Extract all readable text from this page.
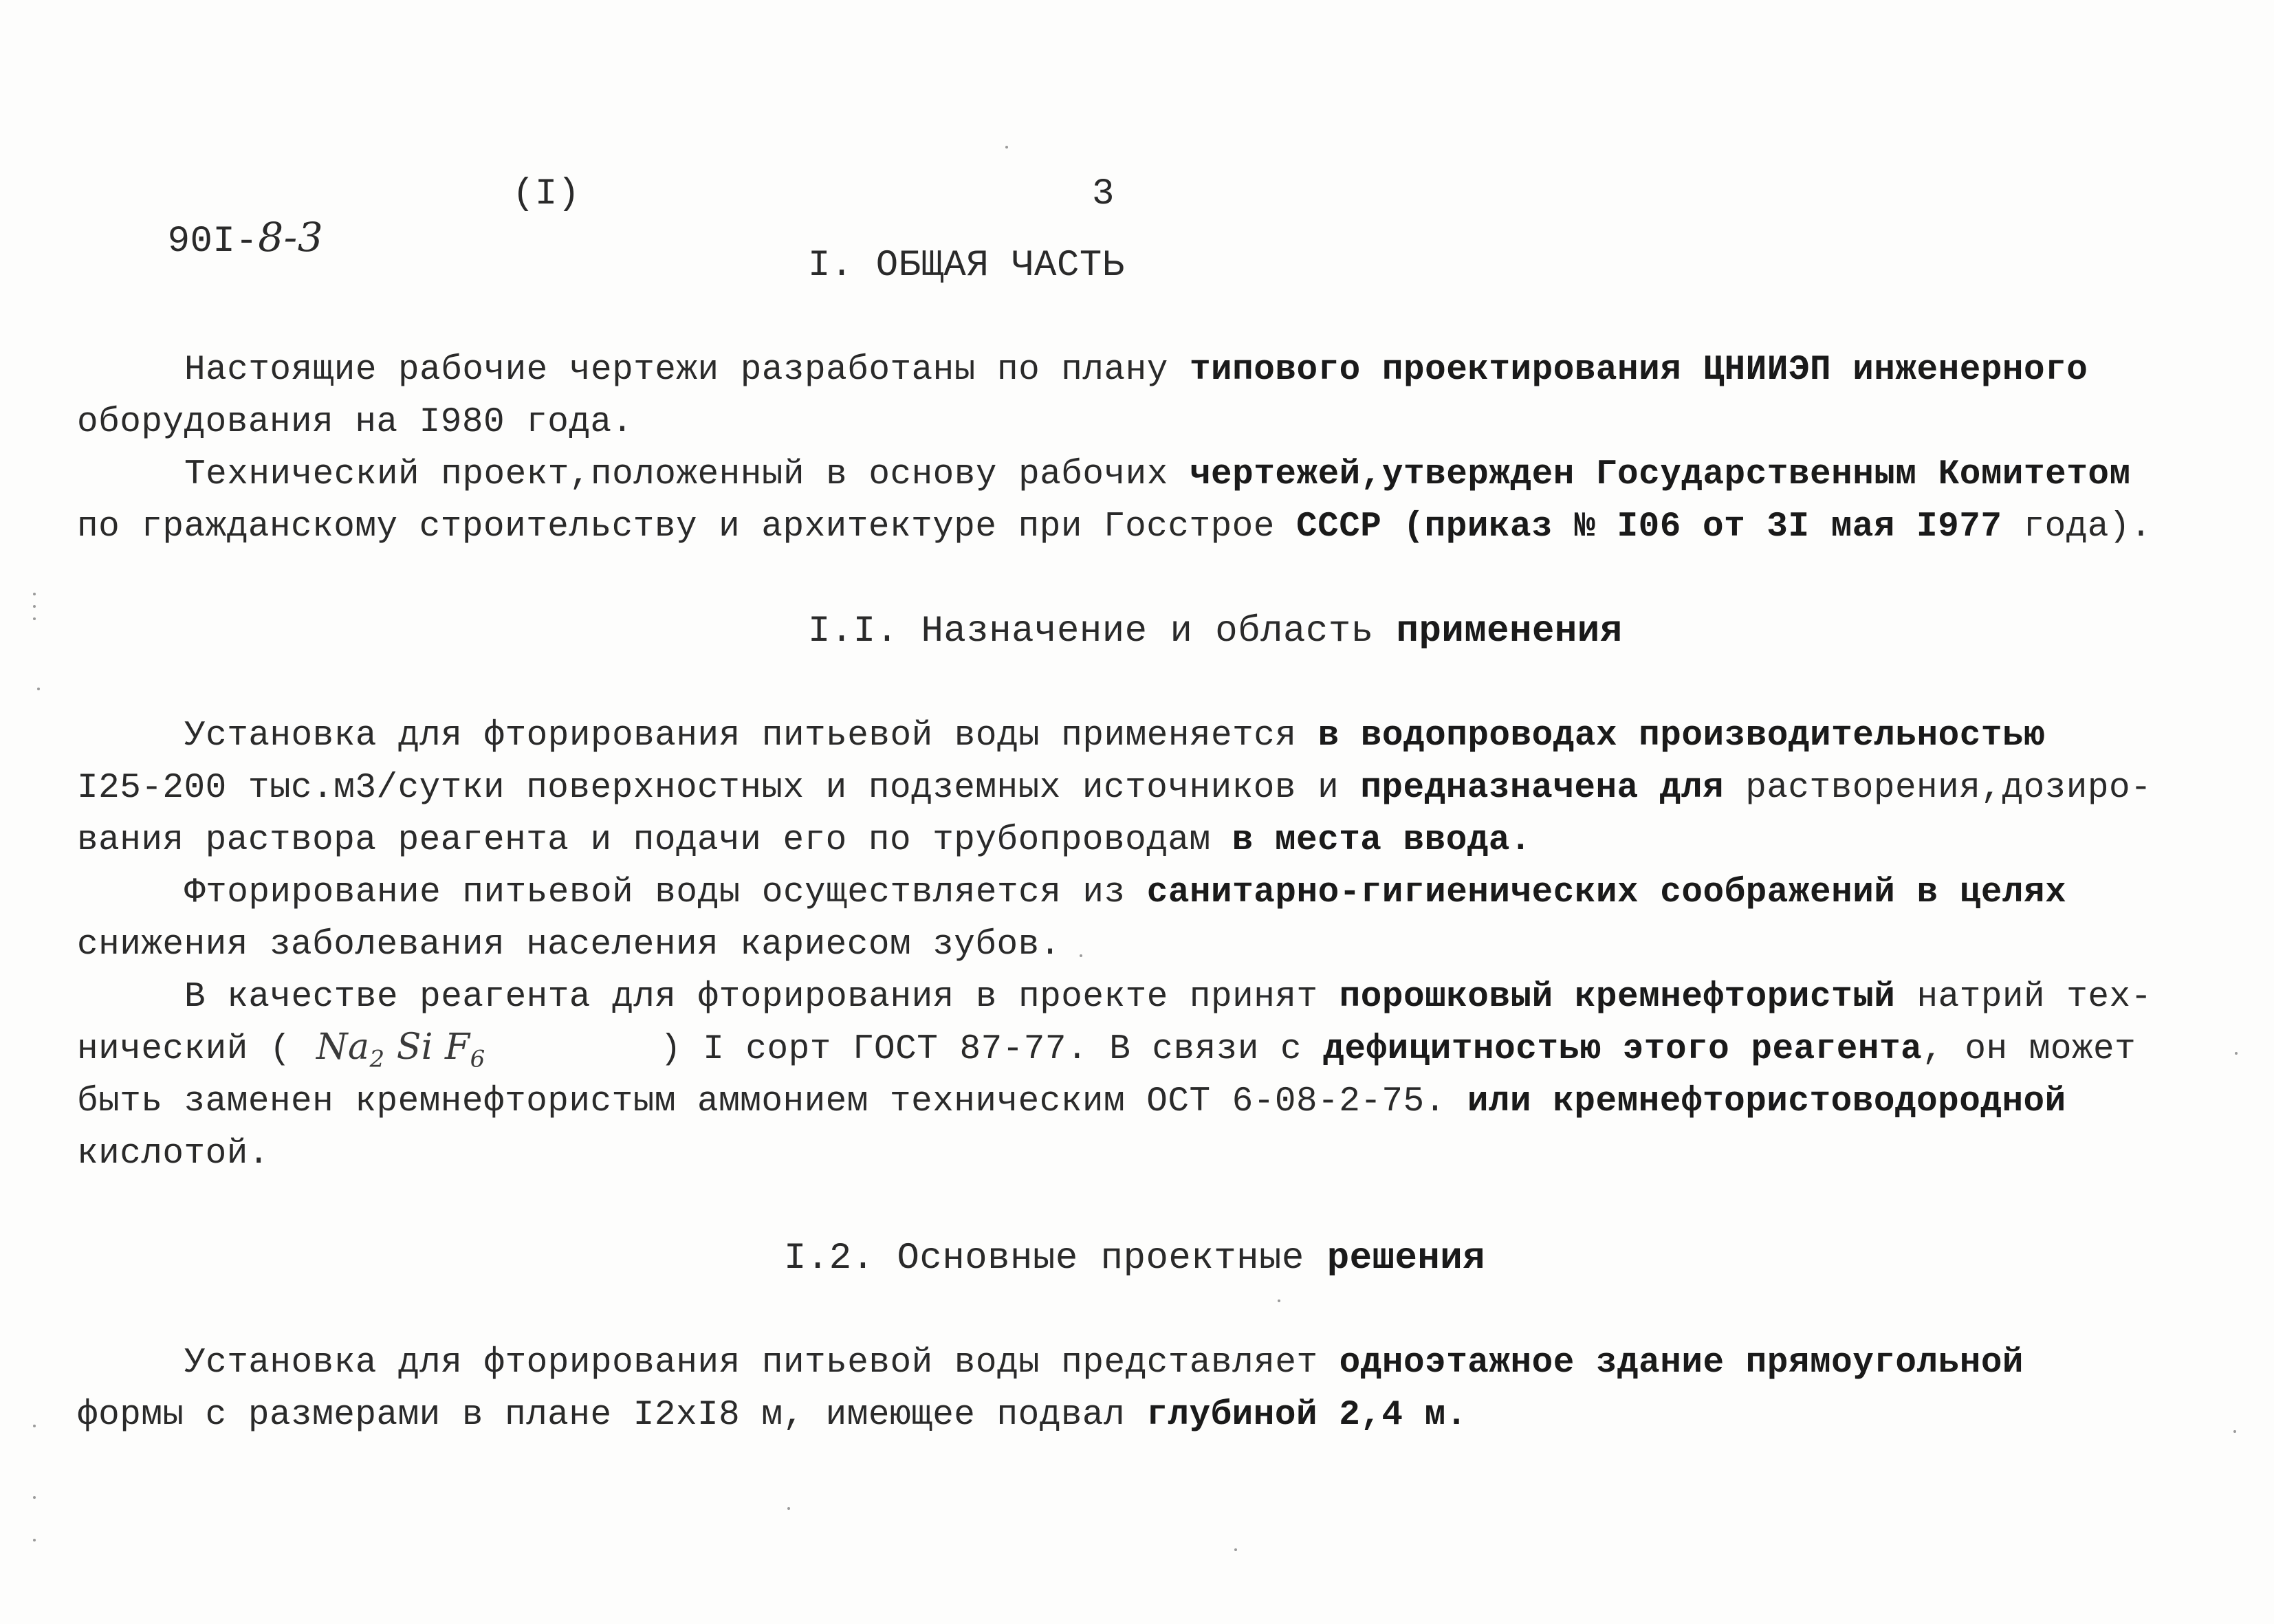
90I-8-3

(I)	3
I. ОБЩАЯ ЧАСТЬ
Настоящие рабочие чертежи разработаны по плану типового проектирования ЦНИИЭП инженерного
оборудования на I980 года.
Технический проект,положенный в основу рабочих чертежей,утвержден Государственным Комитетом
по гражданскому строительству и архитектуре при Госстрое СССР (приказ № I06 от 3I мая I977 года).
I.I. Назначение и область применения
Установка для фторирования питьевой воды применяется в водопроводах производительностью
I25-200 тыс.м3/сутки поверхностных и подземных источников и предназначена для растворения,дозиро-
вания раствора реагента и подачи его по трубопроводам в места ввода.
Фторирование питьевой воды осуществляется из санитарно-гигиенических соображений в целях
снижения заболевания населения кариесом зубов.
В качестве реагента для фторирования в проекте принят порошковый кремнефтористый натрий тех-
нический ( $Na_2$ Si $F_6$	) I сорт ГОСТ 87-77. В связи с дефицитностью этого реагента, он может
быть заменен кремнефтористым аммонием техническим ОСТ 6-08-2-75. или кремнефтористоводородной
кислотой.
I.2. Основные проектные решения
Установка для фторирования питьевой воды представляет одноэтажное здание прямоугольной
формы с размерами в плане I2xI8 м, имеющее подвал глубиной 2,4 м.
